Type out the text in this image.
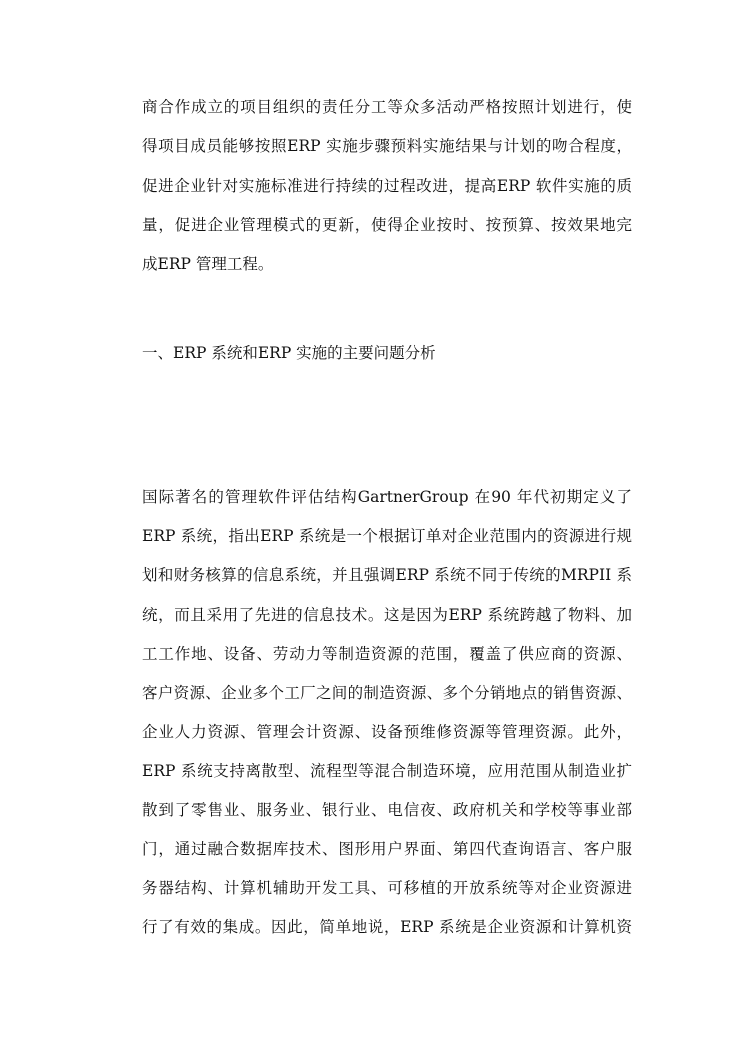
商合作成立的项目组织的责任分工等众多活动严格按照计划进行，使
得项目成员能够按照ERP 实施步骤预料实施结果与计划的吻合程度，
促进企业针对实施标准进行持续的过程改进，提高ERP 软件实施的质
量，促进企业管理模式的更新，使得企业按时、按预算、按效果地完
成ERP 管理工程。
一、ERP 系统和ERP 实施的主要问题分析
国际著名的管理软件评估结构GartnerGroup 在90 年代初期定义了
ERP 系统，指出ERP 系统是一个根据订单对企业范围内的资源进行规
划和财务核算的信息系统，并且强调ERP 系统不同于传统的MRPII 系
统，而且采用了先进的信息技术。这是因为ERP 系统跨越了物料、加
工工作地、设备、劳动力等制造资源的范围，覆盖了供应商的资源、
客户资源、企业多个工厂之间的制造资源、多个分销地点的销售资源、
企业人力资源、管理会计资源、设备预维修资源等管理资源。此外，
ERP 系统支持离散型、流程型等混合制造环境，应用范围从制造业扩
散到了零售业、服务业、银行业、电信夜、政府机关和学校等事业部
门，通过融合数据库技术、图形用户界面、第四代查询语言、客户服
务器结构、计算机辅助开发工具、可移植的开放系统等对企业资源进
行了有效的集成。因此，简单地说，ERP 系统是企业资源和计算机资
